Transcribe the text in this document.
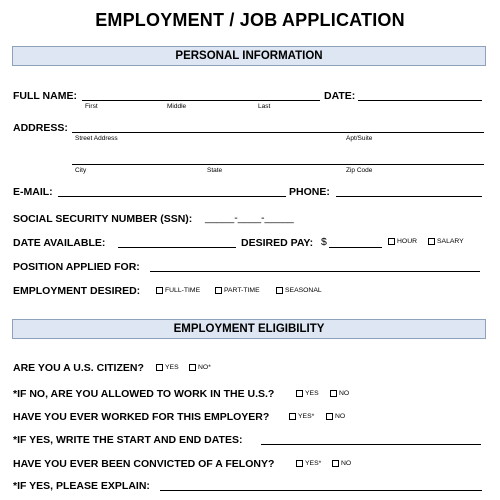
EMPLOYMENT / JOB APPLICATION
PERSONAL INFORMATION
FULL NAME:
First	Middle	Last
DATE:
ADDRESS:
Street Address	Apt/Suite
City	State	Zip Code
E-MAIL:	PHONE:
SOCIAL SECURITY NUMBER (SSN): _____-____-_____
DATE AVAILABLE:	DESIRED PAY: $	HOUR	SALARY
POSITION APPLIED FOR:
EMPLOYMENT DESIRED:	FULL-TIME	PART-TIME	SEASONAL
EMPLOYMENT ELIGIBILITY
ARE YOU A U.S. CITIZEN?	YES	NO*
*IF NO, ARE YOU ALLOWED TO WORK IN THE U.S.?	YES	NO
HAVE YOU EVER WORKED FOR THIS EMPLOYER?	YES*	NO
*IF YES, WRITE THE START AND END DATES:
HAVE YOU EVER BEEN CONVICTED OF A FELONY?	YES*	NO
*IF YES, PLEASE EXPLAIN:
